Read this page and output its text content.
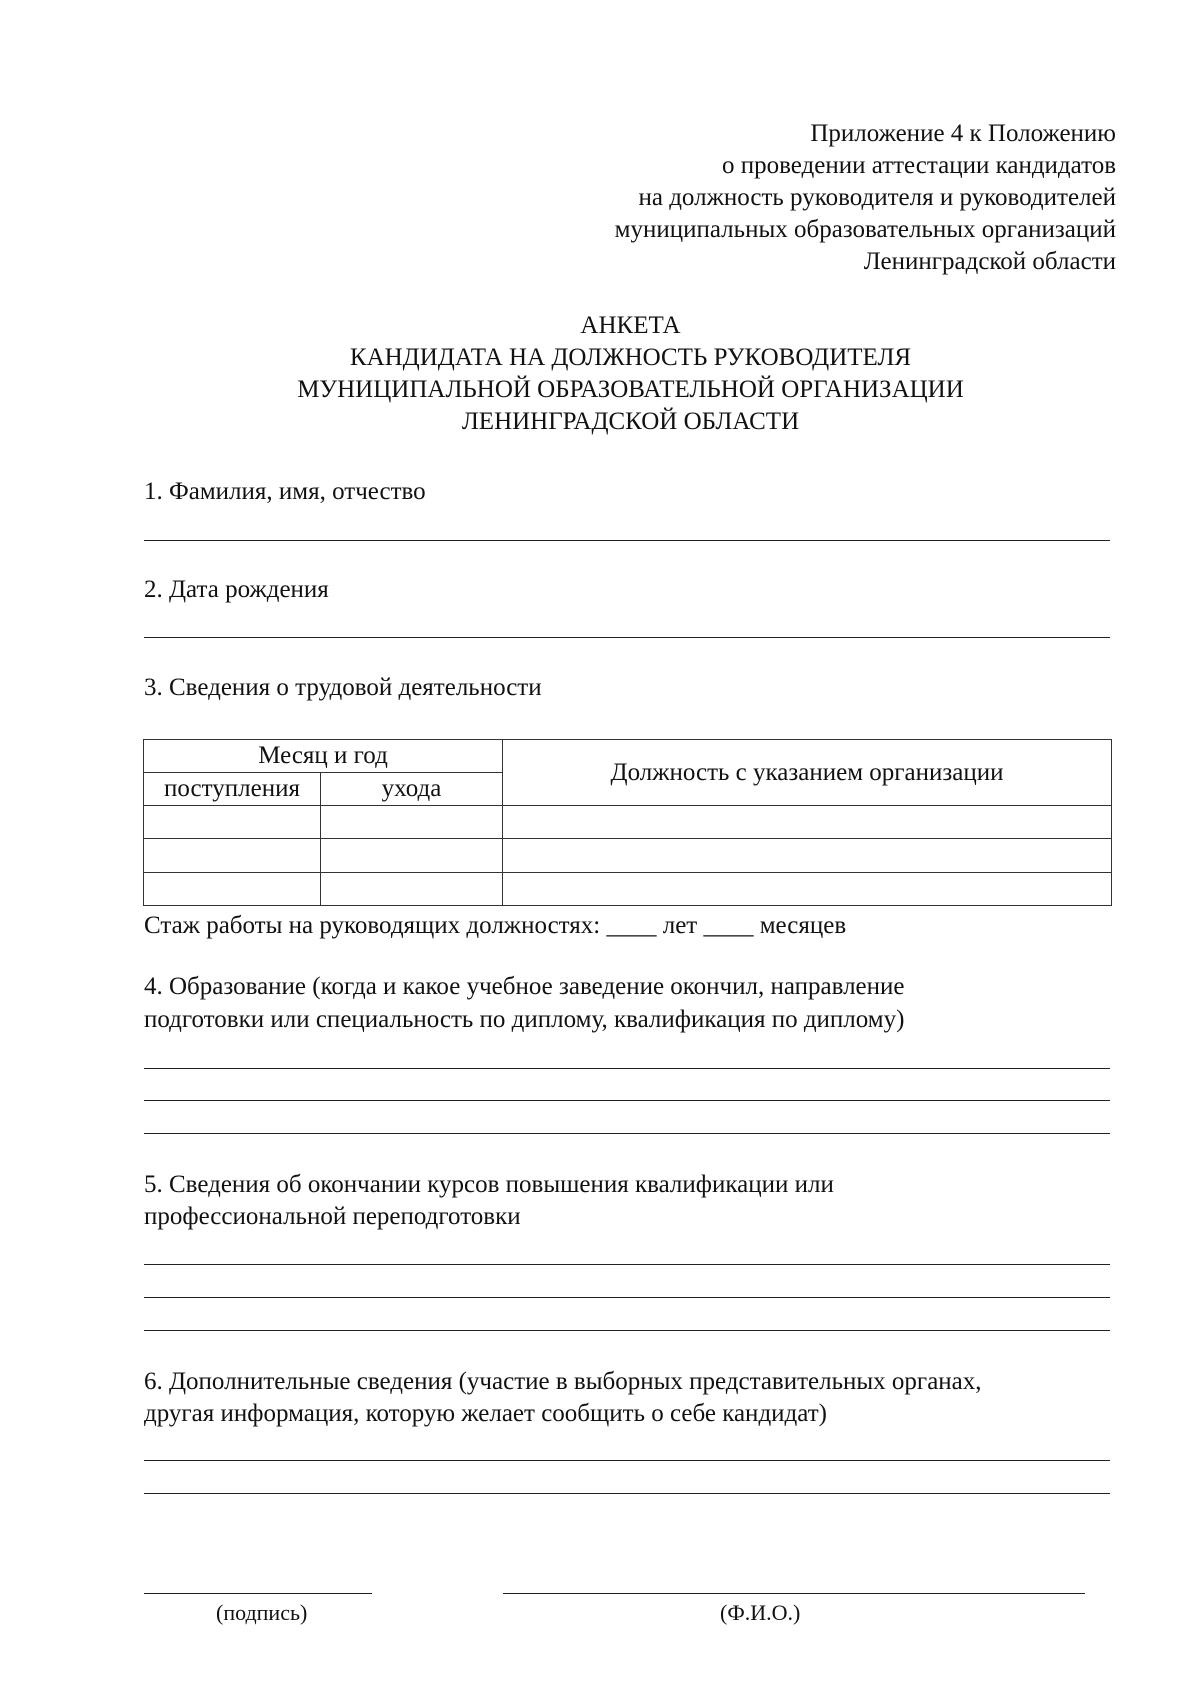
Приложение 4 к Положению
о проведении аттестации кандидатов
на должность руководителя и руководителей
муниципальных образовательных организаций
Ленинградской области
АНКЕТА
КАНДИДАТА НА ДОЛЖНОСТЬ РУКОВОДИТЕЛЯ
МУНИЦИПАЛЬНОЙ ОБРАЗОВАТЕЛЬНОЙ ОРГАНИЗАЦИИ
ЛЕНИНГРАДСКОЙ ОБЛАСТИ
1. Фамилия, имя, отчество
2. Дата рождения
3. Сведения о трудовой деятельности
Месяц и год		Должность с указанием организации
поступления	ухода	

Стаж работы на руководящих должностях: ____ лет ____ месяцев
4. Образование (когда и какое учебное заведение окончил, направление
подготовки или специальность по диплому, квалификация по диплому)
5. Сведения об окончании курсов повышения квалификации или
профессиональной переподготовки
6. Дополнительные сведения (участие в выборных представительных органах,
другая информация, которую желает сообщить о себе кандидат)
(подпись)	(Ф.И.О.)
